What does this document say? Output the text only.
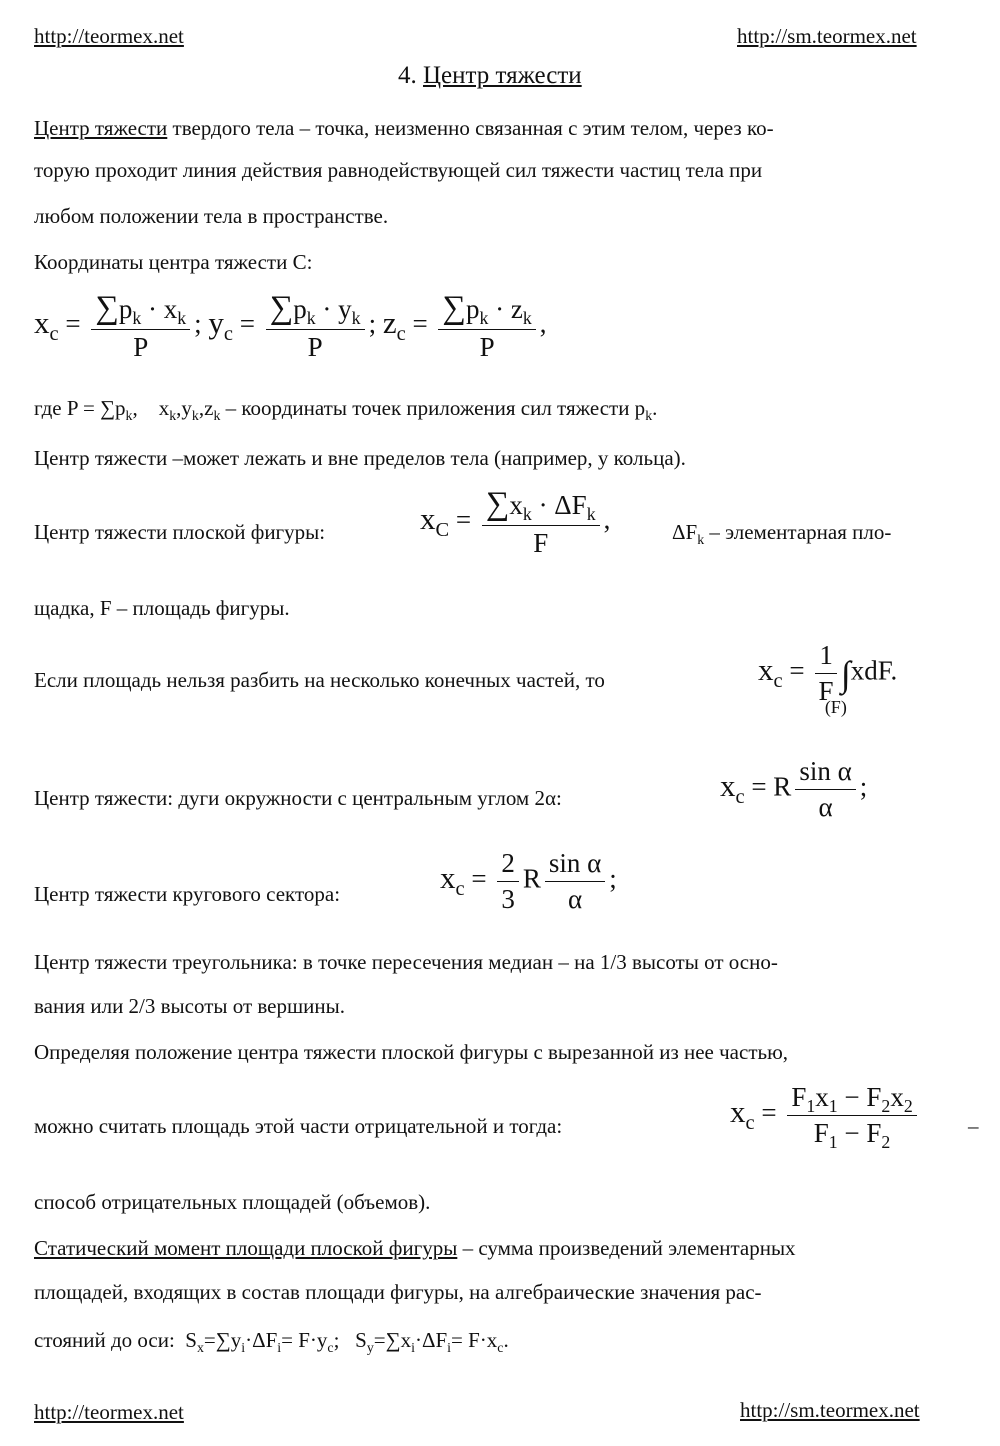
http://teormex.net	http://sm.teormex.net
4. Центр тяжести
Центр тяжести твердого тела – точка, неизменно связанная с этим телом, через ко-
торую проходит линия действия равнодействующей сил тяжести частиц тела при
любом положении тела в пространстве.
Координаты центра тяжести С:
$x_c = \frac{\sum p_k \cdot x_k}{P}$ ; $y_c = \frac{\sum p_k \cdot y_k}{P}$ ; $z_c = \frac{\sum p_k \cdot z_k}{P}$ ,
где $P = \sum p_k$, $x_k,y_k,z_k$ – координаты точек приложения сил тяжести $p_k$.
Центр тяжести –может лежать и вне пределов тела (например, у кольца).
Центр тяжести плоской фигуры:	$x_C = \frac{\sum x_k \cdot \Delta F_k}{F}$ ,	$\Delta F_k$ – элементарная пло-
щадка, F – площадь фигуры.
Если площадь нельзя разбить на несколько конечных частей, то	$x_c = \frac{1}{F}$ ∫
(F)
xdF.
Центр тяжести: дуги окружности с центральным углом 2α:	$x_c = R \frac{\text{sin α}}{\alpha}$ ;
Центр тяжести кругового сектора:	$x_c = \frac{2}{3}$ R $\frac{\text{sin α}}{\alpha}$ ;
Центр тяжести треугольника: в точке пересечения медиан – на 1/3 высоты от осно-
вания или 2/3 высоты от вершины.
Определяя положение центра тяжести плоской фигуры с вырезанной из нее частью,
можно считать площадь этой части отрицательной и тогда:	$x_c = \frac{F_1x_1 - F_2x_2}{F_1 - F_2}$ –
способ отрицательных площадей (объемов).
Статический момент площади плоской фигуры – сумма произведений элементарных
площадей, входящих в состав площади фигуры, на алгебраические значения рас-
стояний до оси: $S_x=\sum y_i\cdot\Delta F_i= F\cdot y_c$;   $S_y=\sum x_i\cdot\Delta F_i= F\cdot x_c$.
http://teormex.net	http://sm.teormex.net
